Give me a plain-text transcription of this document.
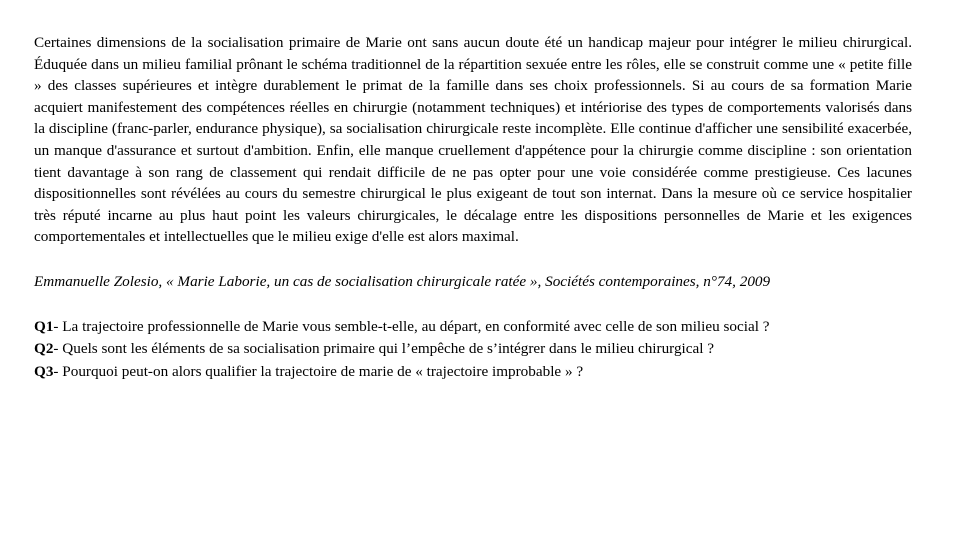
Certaines dimensions de la socialisation primaire de Marie ont sans aucun doute été un handicap majeur pour intégrer le milieu chirurgical. Éduquée dans un milieu familial prônant le schéma traditionnel de la répartition sexuée entre les rôles, elle se construit comme une « petite fille » des classes supérieures et intègre durablement le primat de la famille dans ses choix professionnels. Si au cours de sa formation Marie acquiert manifestement des compétences réelles en chirurgie (notamment techniques) et intériorise des types de comportements valorisés dans la discipline (franc-parler, endurance physique), sa socialisation chirurgicale reste incomplète. Elle continue d'afficher une sensibilité exacerbée, un manque d'assurance et surtout d'ambition. Enfin, elle manque cruellement d'appétence pour la chirurgie comme discipline : son orientation tient davantage à son rang de classement qui rendait difficile de ne pas opter pour une voie considérée comme prestigieuse. Ces lacunes dispositionnelles sont révélées au cours du semestre chirurgical le plus exigeant de tout son internat. Dans la mesure où ce service hospitalier très réputé incarne au plus haut point les valeurs chirurgicales, le décalage entre les dispositions personnelles de Marie et les exigences comportementales et intellectuelles que le milieu exige d'elle est alors maximal.

Emmanuelle Zolesio, « Marie Laborie, un cas de socialisation chirurgicale ratée », Sociétés contemporaines, n°74, 2009

Q1- La trajectoire professionnelle de Marie vous semble-t-elle, au départ, en conformité avec celle de son milieu social ?

Q2- Quels sont les éléments de sa socialisation primaire qui l’empêche de s’intégrer dans le milieu chirurgical ?

Q3- Pourquoi peut-on alors qualifier la trajectoire de marie de « trajectoire improbable » ?
